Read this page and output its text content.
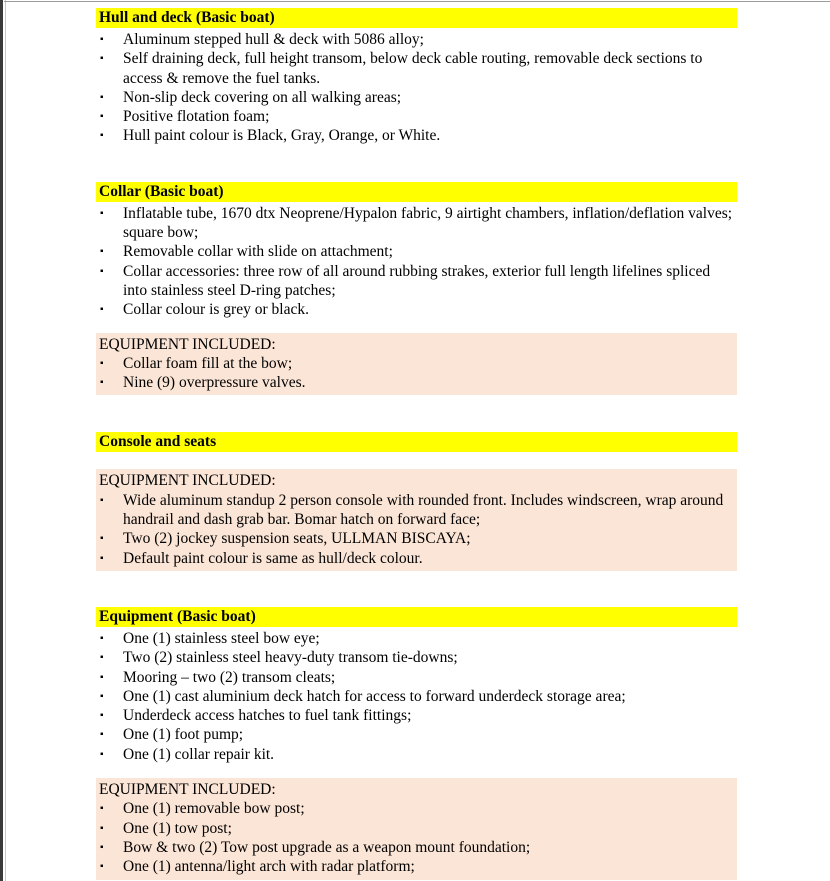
Hull and deck (Basic boat)
▪	Aluminum stepped hull & deck with 5086 alloy;
▪	Self draining deck, full height transom, below deck cable routing, removable deck sections to access & remove the fuel tanks.
▪	Non-slip deck covering on all walking areas;
▪	Positive flotation foam;
▪	Hull paint colour is Black, Gray, Orange, or White.
Collar (Basic boat)
▪	Inflatable tube, 1670 dtx Neoprene/Hypalon fabric, 9 airtight chambers, inflation/deflation valves; square bow;
▪	Removable collar with slide on attachment;
▪	Collar accessories: three row of all around rubbing strakes, exterior full length lifelines spliced into stainless steel D-ring patches;
▪	Collar colour is grey or black.
EQUIPMENT INCLUDED:
▪	Collar foam fill at the bow;
▪	Nine (9) overpressure valves.
Console and seats
EQUIPMENT INCLUDED:
▪	Wide aluminum standup 2 person console with rounded front. Includes windscreen, wrap around handrail and dash grab bar. Bomar hatch on forward face;
▪	Two (2) jockey suspension seats, ULLMAN BISCAYA;
▪	Default paint colour is same as hull/deck colour.
Equipment (Basic boat)
▪	One (1) stainless steel bow eye;
▪	Two (2) stainless steel heavy-duty transom tie-downs;
▪	Mooring – two (2) transom cleats;
▪	One (1) cast aluminium deck hatch for access to forward underdeck storage area;
▪	Underdeck access hatches to fuel tank fittings;
▪	One (1) foot pump;
▪	One (1) collar repair kit.
EQUIPMENT INCLUDED:
▪	One (1) removable bow post;
▪	One (1) tow post;
▪	Bow & two (2) Tow post upgrade as a weapon mount foundation;
▪	One (1) antenna/light arch with radar platform;
